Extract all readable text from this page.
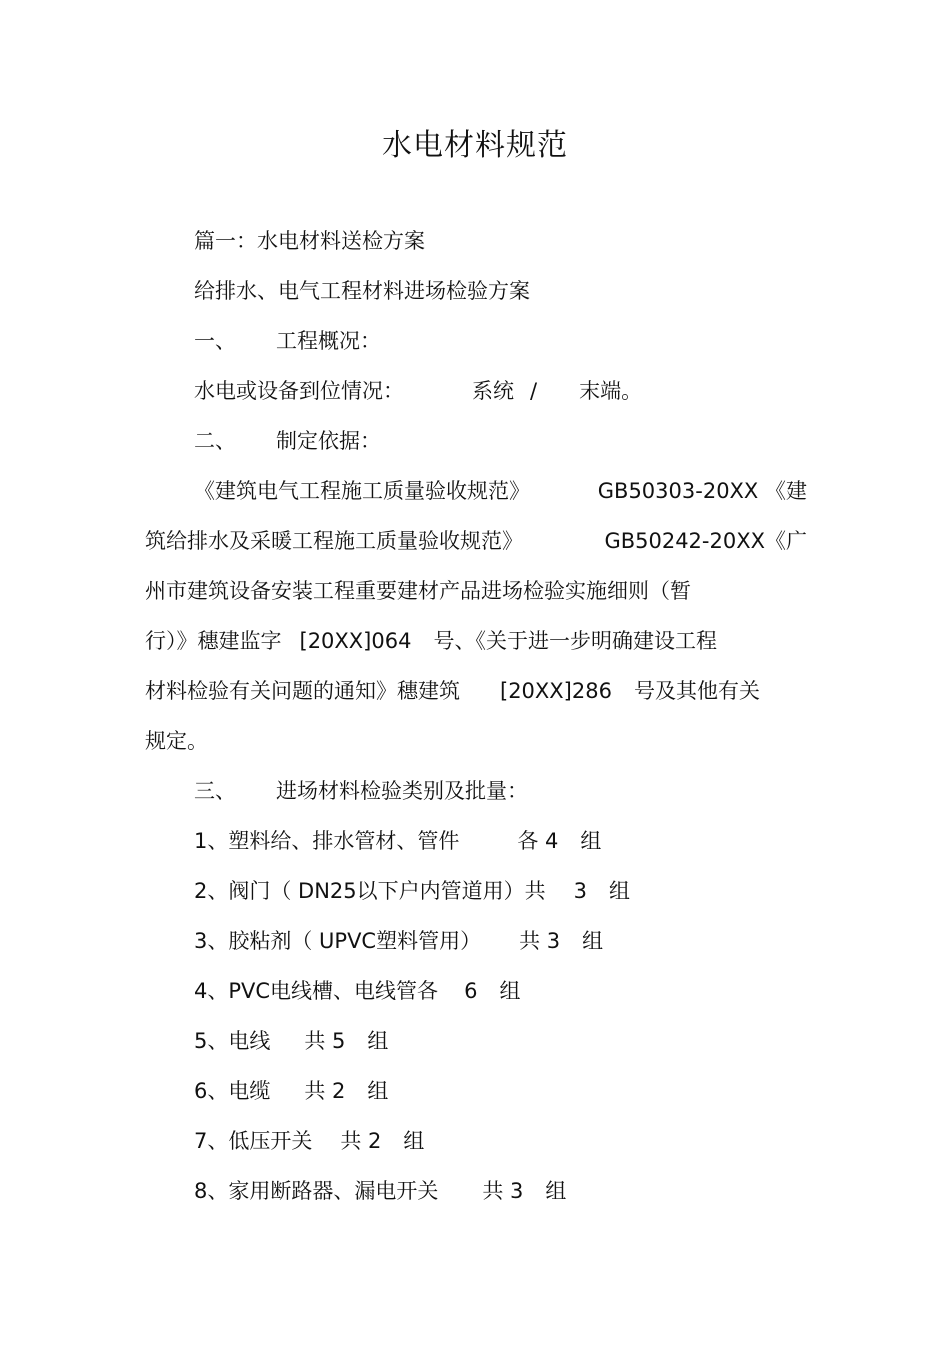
水电材料规范
篇一：水电材料送检方案
给排水、电气工程材料进场检验方案
一、 工程概况：
水电或设备到位情况：	系统 / 末端。
二、 制定依据：
《建筑电气工程施工质量验收规范》	GB50303-20XX 《建
筑给排水及采暖工程施工质量验收规范》	GB50242-20XX《广
州市建筑设备安装工程重要建材产品进场检验实施细则（暂
行）》穗建监字 [20XX]064 号、《关于进一步明确建设工程
材料检验有关问题的通知》穗建筑 [20XX]286 号及其他有关
规定。
三、 进场材料检验类别及批量：
1、塑料给、排水管材、管件	各 4 组
2、阀门（ DN25以下户内管道用）共 3 组
3、胶粘剂（ UPVC塑料管用） 共 3 组
4、PVC电线槽、电线管各 6 组
5、电线 共 5 组
6、电缆 共 2 组
7、低压开关 共 2 组
8、家用断路器、漏电开关 共 3 组
